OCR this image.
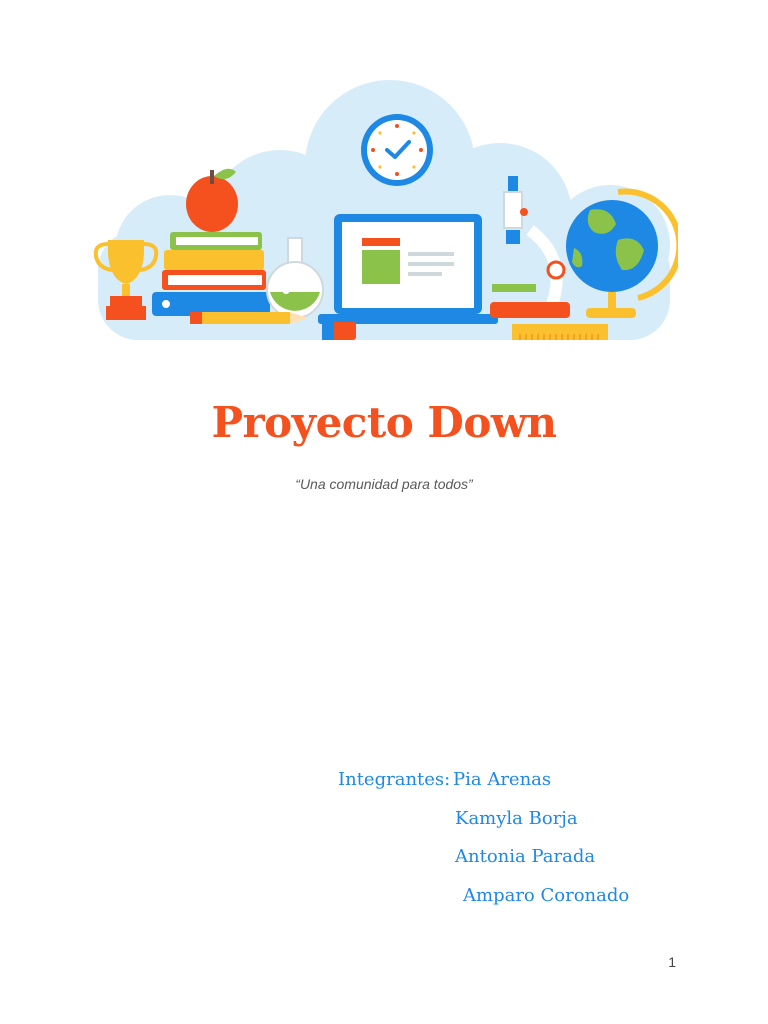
Proyecto Down
“Una comunidad para todos”
Integrantes: Pia Arenas
Kamyla Borja
Antonia Parada
Amparo Coronado
1
